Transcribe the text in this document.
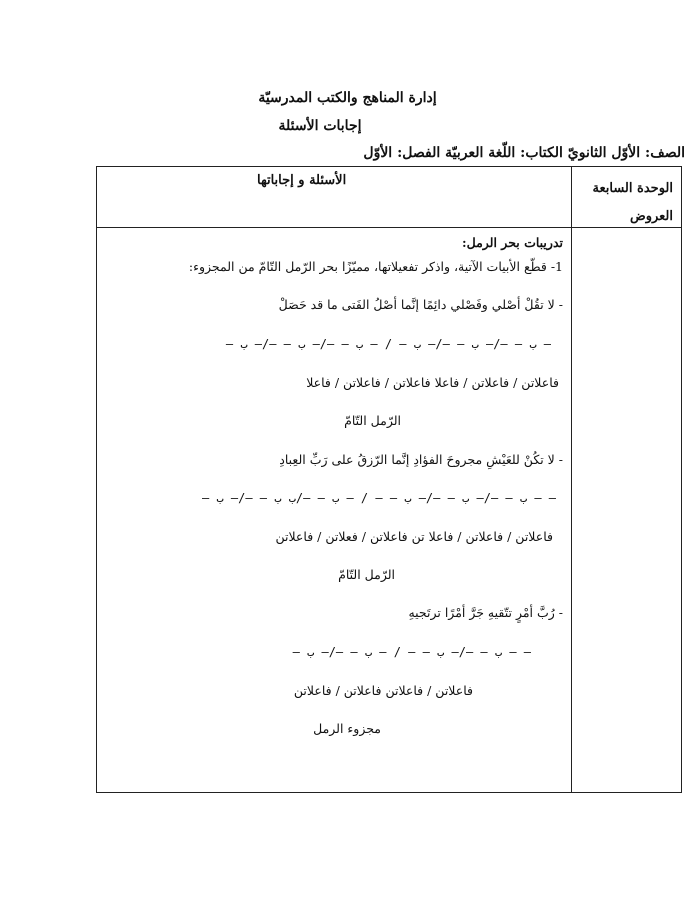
إدارة المناهج والكتب المدرسيّة
إجابات الأسئلة
الصف: الأوّل الثانويّ الكتاب: اللّغة العربيّة الفصل: الأوّل
الوحدة السابعة
العروض
الأسئلة و إجاباتها
تدريبات بحر الرمل:
1- قطّع الأبيات الآتية، واذكر تفعيلاتها، مميّزًا بحر الرّمل التّامّ من المجزوء:
- لا تقُلْ أصْلي وفَصْلي دائِمًا إنَّما أصْلُ الفَتى ما قد حَصَلْ
– ب – –/– ب – –/– ب – / – ب – –/– ب – –/– ب –
فاعلاتن / فاعلاتن / فاعلا فاعلاتن / فاعلاتن / فاعلا
الرّمل التّامّ
- لا تكُنْ للعَيْشِ مجروحَ الفؤادِ إنَّما الرّزقُ على رَبِّ العِبادِ
– ب – –/– ب – –/– ب – – / – ب – –/ب ب – –/– ب – –
فاعلاتن / فاعلاتن / فاعلا تن فاعلاتن / فعلاتن / فاعلاتن
الرّمل التّامّ
- رُبَّ أمْرٍ تتّقيهِ جَرَّ أمْرًا ترتَجيهِ
– ب – –/– ب – – / – ب – –/– ب – –
فاعلاتن / فاعلاتن فاعلاتن / فاعلاتن
مجزوء الرمل
